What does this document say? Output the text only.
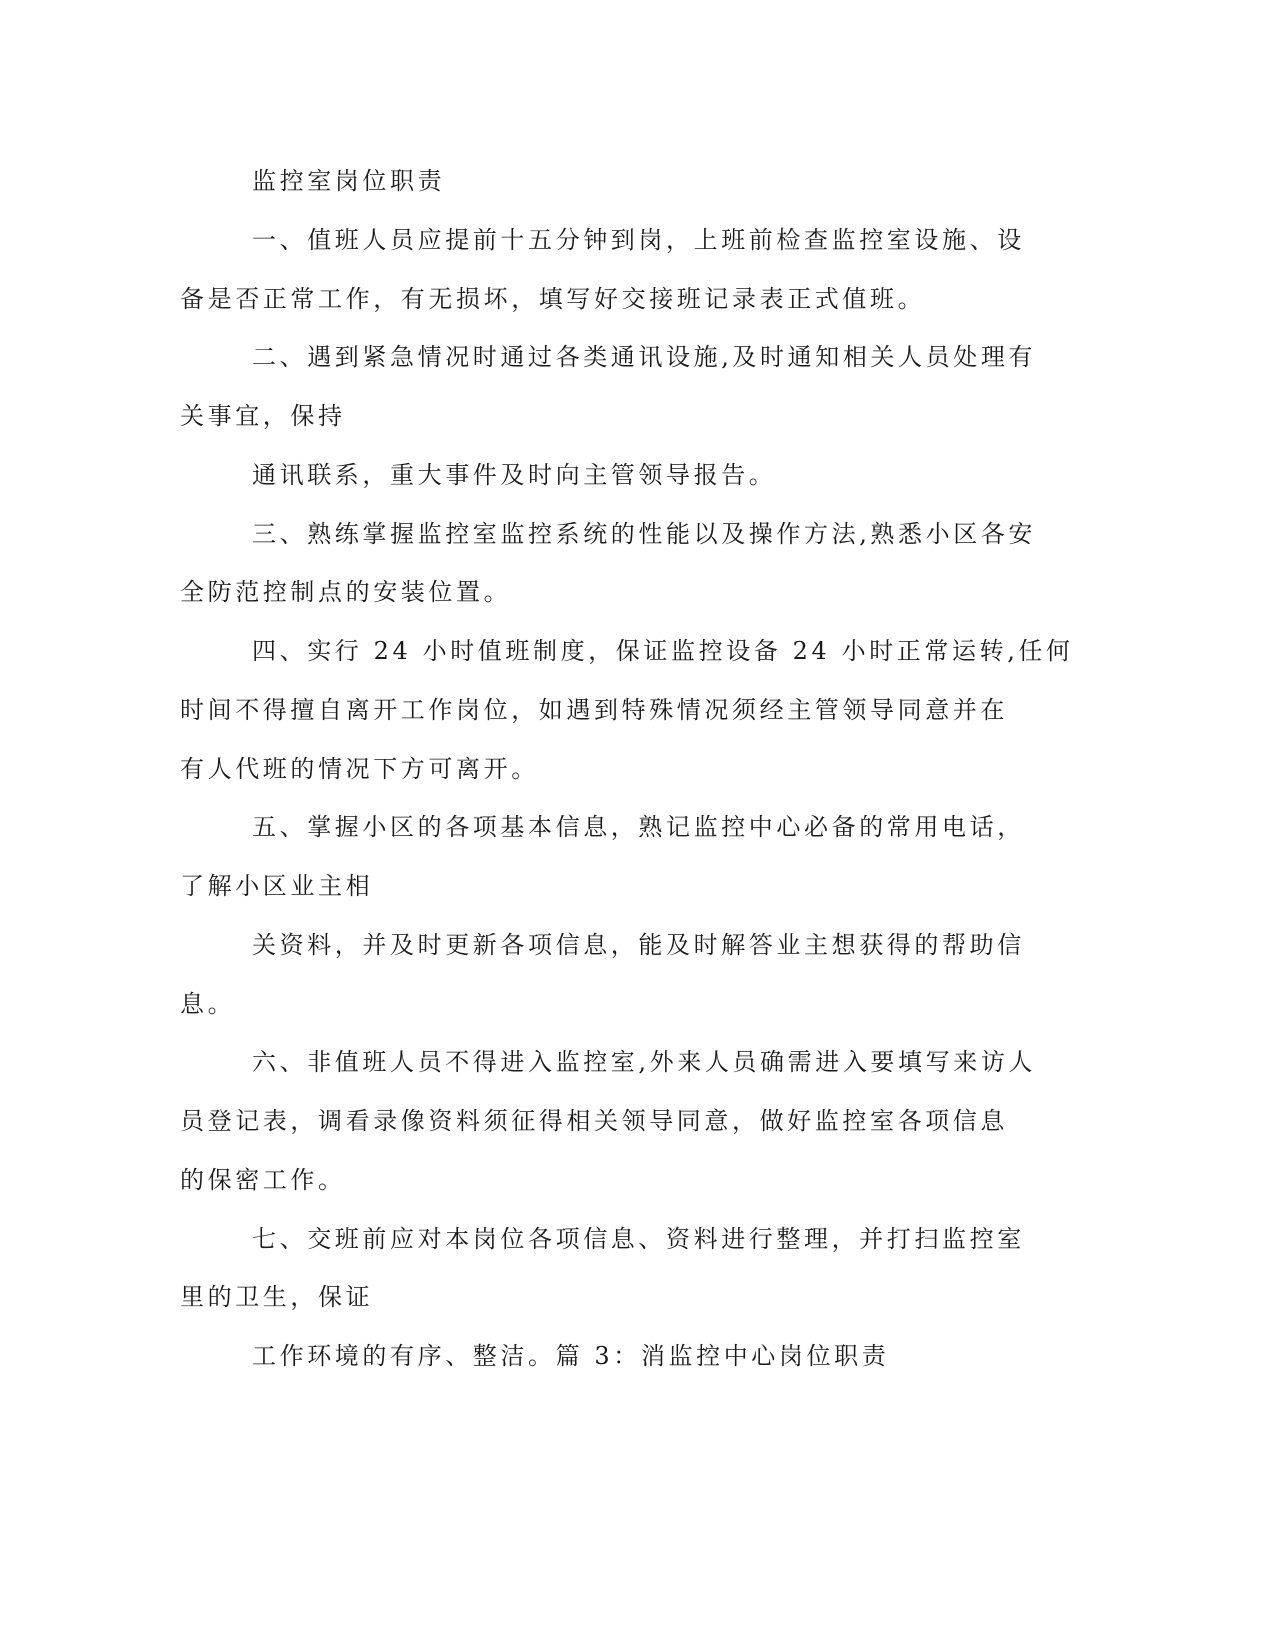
监控室岗位职责

一、值班人员应提前十五分钟到岗，上班前检查监控室设施、设

备是否正常工作，有无损坏，填写好交接班记录表正式值班。

二、遇到紧急情况时通过各类通讯设施,及时通知相关人员处理有

关事宜，保持

通讯联系，重大事件及时向主管领导报告。

三、熟练掌握监控室监控系统的性能以及操作方法,熟悉小区各安

全防范控制点的安装位置。

四、实行 24 小时值班制度，保证监控设备 24 小时正常运转,任何

时间不得擅自离开工作岗位，如遇到特殊情况须经主管领导同意并在

有人代班的情况下方可离开。

五、掌握小区的各项基本信息，熟记监控中心必备的常用电话，

了解小区业主相

关资料，并及时更新各项信息，能及时解答业主想获得的帮助信

息。

六、非值班人员不得进入监控室,外来人员确需进入要填写来访人

员登记表，调看录像资料须征得相关领导同意，做好监控室各项信息

的保密工作。

七、交班前应对本岗位各项信息、资料进行整理，并打扫监控室

里的卫生，保证

工作环境的有序、整洁。篇 3：消监控中心岗位职责
